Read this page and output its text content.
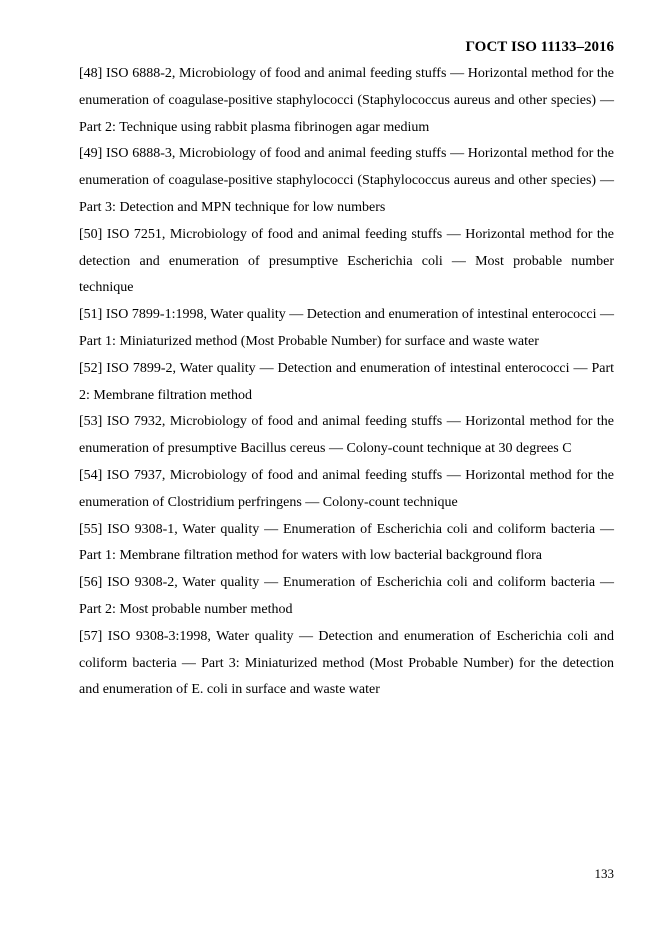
ГОСТ ISO 11133–2016

[48] ISO 6888-2, Microbiology of food and animal feeding stuffs — Horizontal method for the enumeration of coagulase-positive staphylococci (Staphylococcus aureus and other species) — Part 2: Technique using rabbit plasma fibrinogen agar medium

[49] ISO 6888-3, Microbiology of food and animal feeding stuffs — Horizontal method for the enumeration of coagulase-positive staphylococci (Staphylococcus aureus and other species) — Part 3: Detection and MPN technique for low numbers

[50] ISO 7251, Microbiology of food and animal feeding stuffs — Horizontal method for the detection and enumeration of presumptive Escherichia coli — Most probable number technique

[51] ISO 7899-1:1998, Water quality — Detection and enumeration of intestinal enterococci — Part 1: Miniaturized method (Most Probable Number) for surface and waste water

[52] ISO 7899-2, Water quality — Detection and enumeration of intestinal enterococci — Part 2: Membrane filtration method

[53] ISO 7932, Microbiology of food and animal feeding stuffs — Horizontal method for the enumeration of presumptive Bacillus cereus — Colony-count technique at 30 degrees C

[54] ISO 7937, Microbiology of food and animal feeding stuffs — Horizontal method for the enumeration of Clostridium perfringens — Colony-count technique

[55] ISO 9308-1, Water quality — Enumeration of Escherichia coli and coliform bacteria — Part 1: Membrane filtration method for waters with low bacterial background flora

[56] ISO 9308-2, Water quality — Enumeration of Escherichia coli and coliform bacteria — Part 2: Most probable number method

[57] ISO 9308-3:1998, Water quality — Detection and enumeration of Escherichia coli and coliform bacteria — Part 3: Miniaturized method (Most Probable Number) for the detection and enumeration of E. coli in surface and waste water

133
